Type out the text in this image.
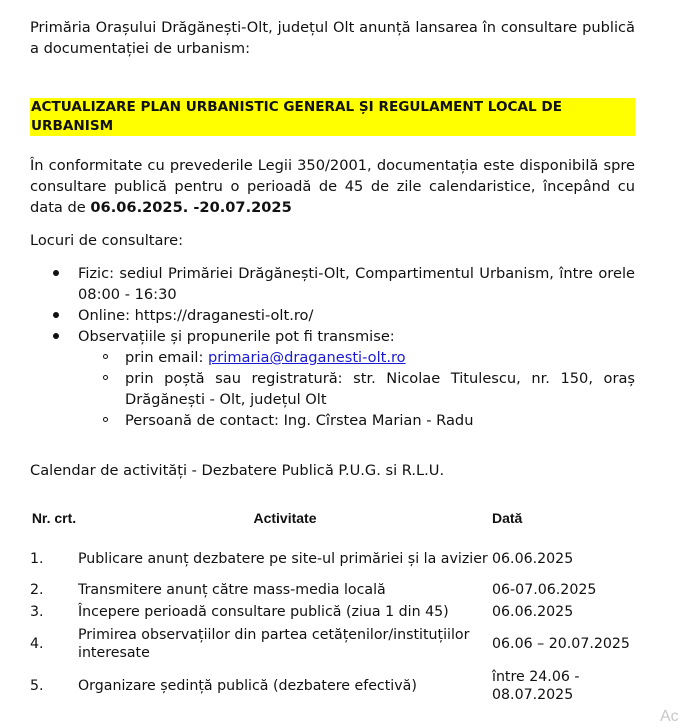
Primăria Orașului Drăgănești-Olt, județul Olt anunță lansarea în consultare publică a documentației de urbanism:

ACTUALIZARE PLAN URBANISTIC GENERAL ȘI REGULAMENT LOCAL DE URBANISM

În conformitate cu prevederile Legii 350/2001, documentația este disponibilă spre consultare publică pentru o perioadă de 45 de zile calendaristice, începând cu data de 06.06.2025. -20.07.2025

Locuri de consultare:

Fizic: sediul Primăriei Drăgănești-Olt, Compartimentul Urbanism, între orele 08:00 - 16:30
Online: https://draganesti-olt.ro/
Observațiile și propunerile pot fi transmise:
prin email: primaria@draganesti-olt.ro
prin poștă sau registratură: str. Nicolae Titulescu, nr. 150, oraș Drăgănești - Olt, județul Olt
Persoană de contact: Ing. Cîrstea Marian - Radu

Calendar de activități - Dezbatere Publică P.U.G. si R.L.U.

Nr. crt.	Activitate	Dată
1.	Publicare anunț dezbatere pe site-ul primăriei și la avizier	06.06.2025
2.	Transmitere anunț către mass-media locală	06-07.06.2025
3.	Începere perioadă consultare publică (ziua 1 din 45)	06.06.2025
4.	Primirea observațiilor din partea cetățenilor/instituțiilor interesate	06.06 – 20.07.2025
5.	Organizare ședință publică (dezbatere efectivă)	între 24.06 - 08.07.2025
Ac
